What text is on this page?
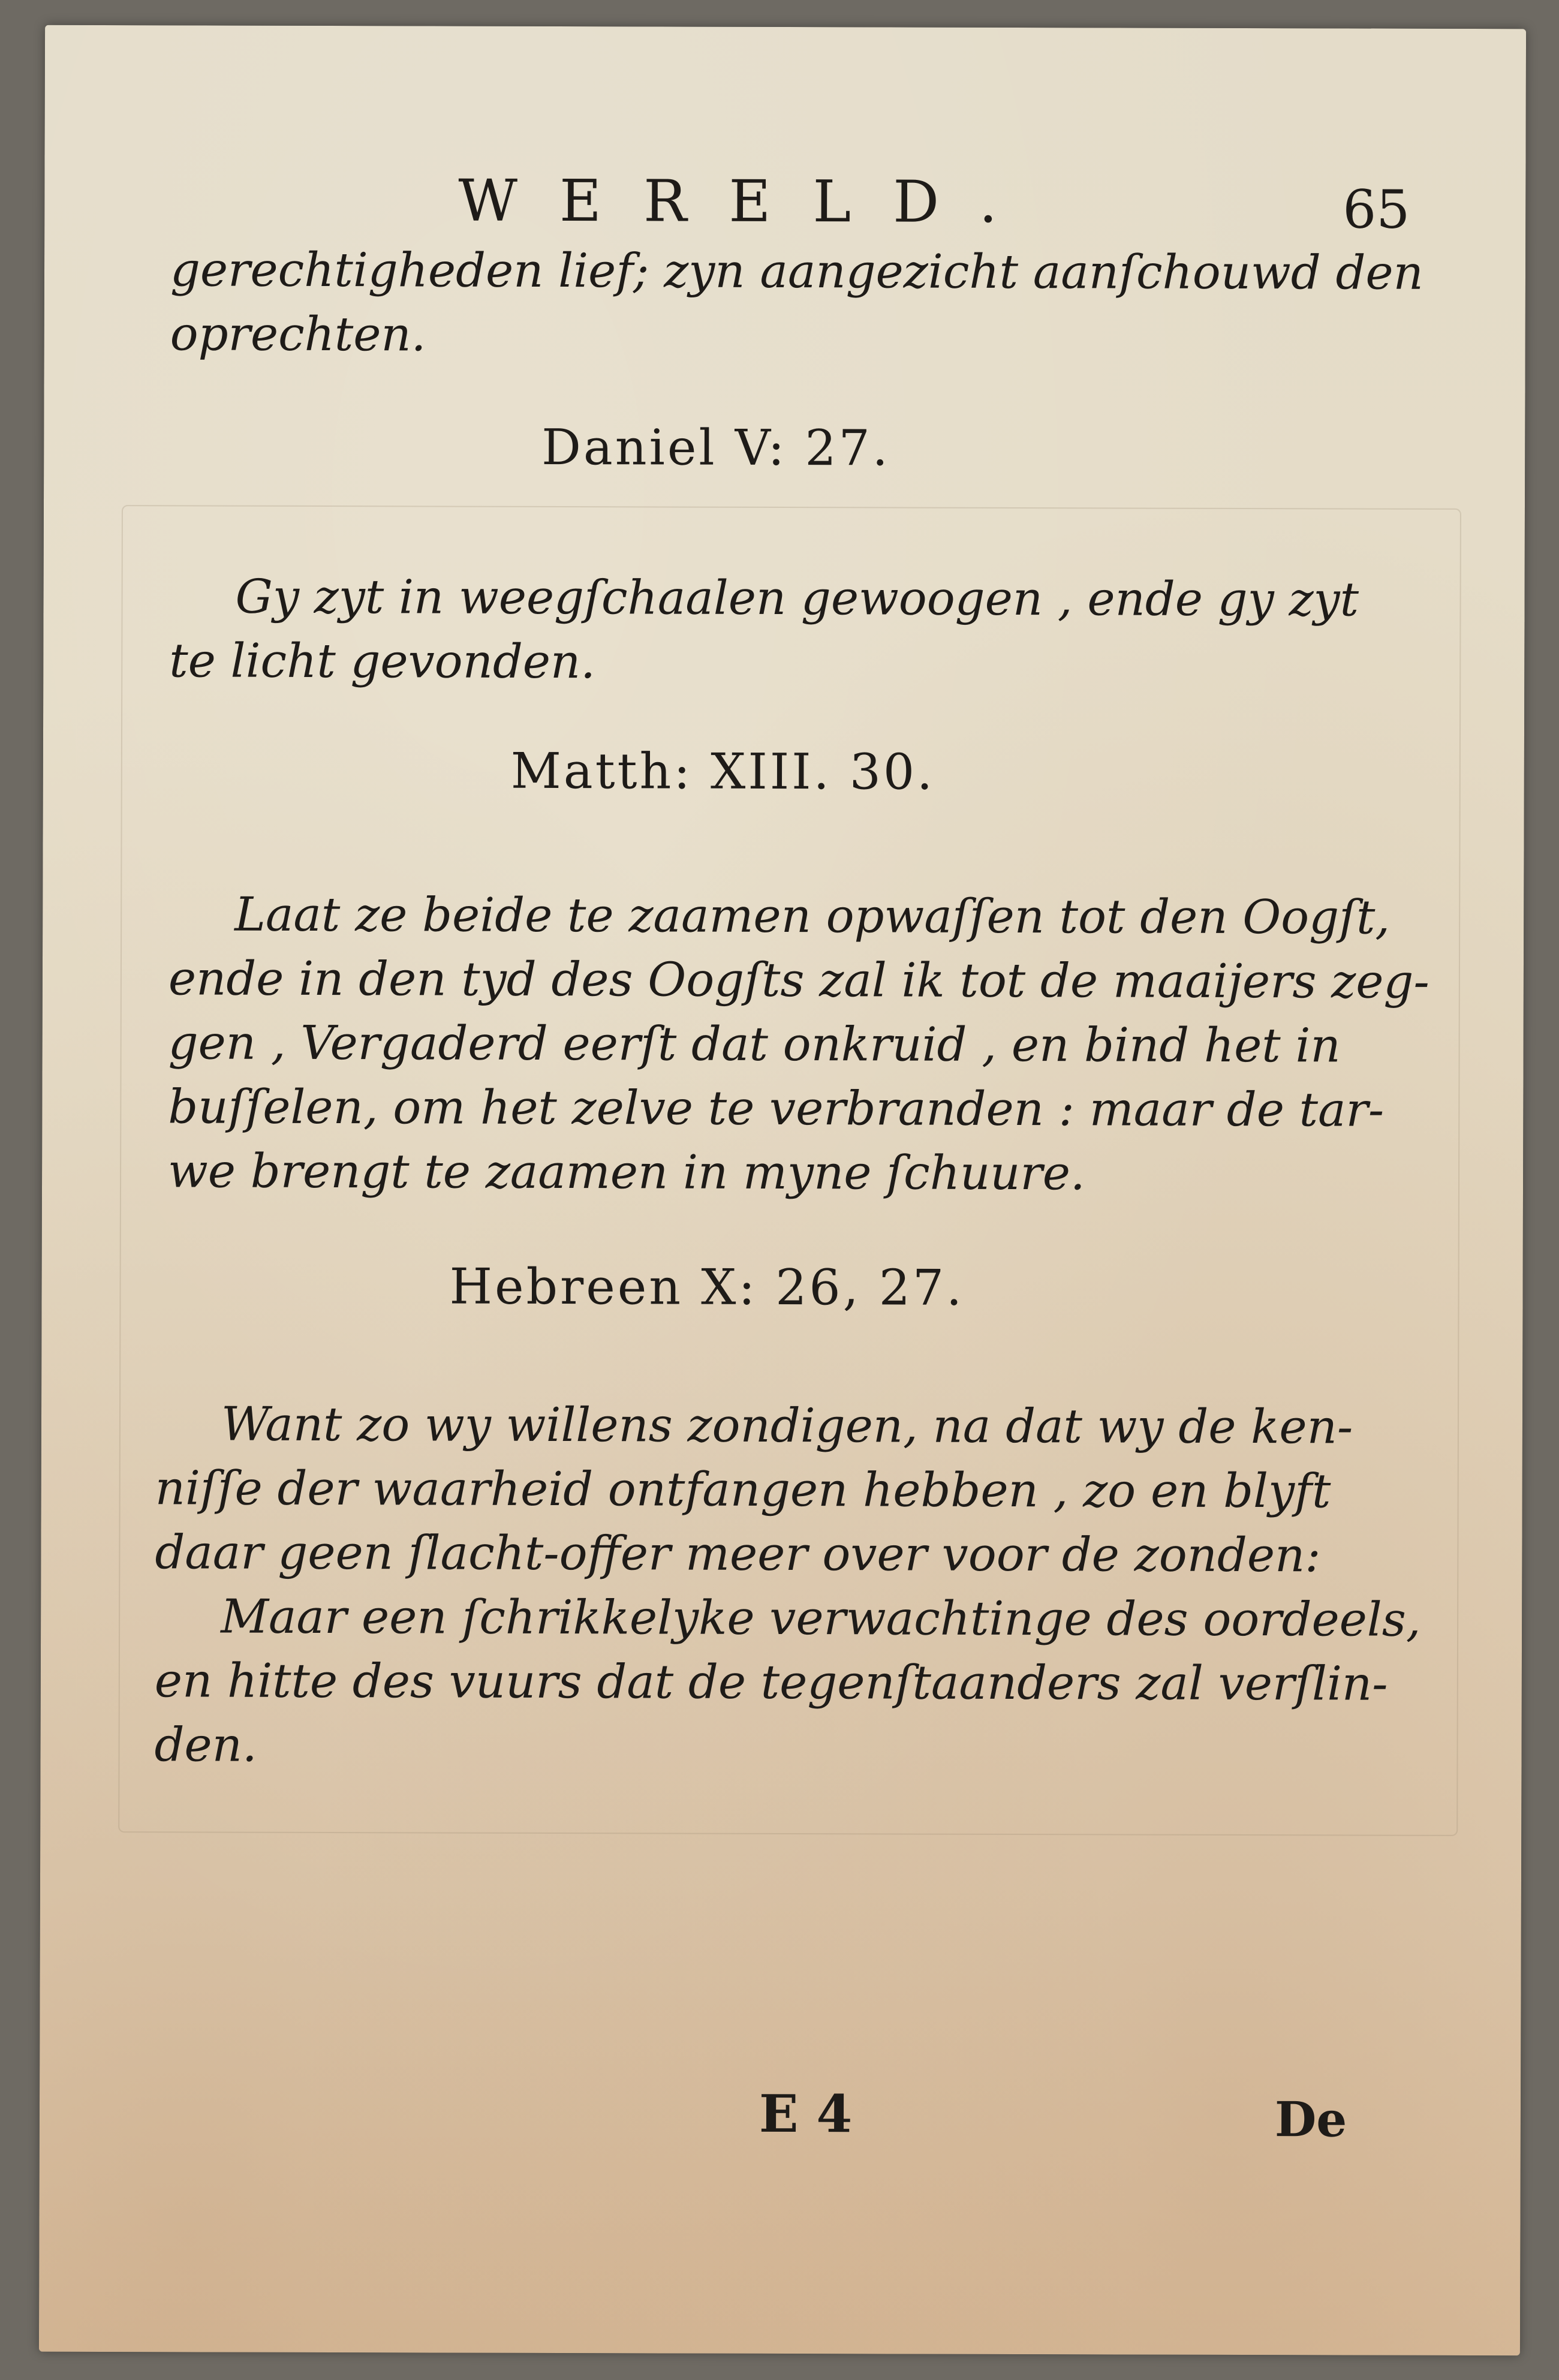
WERELD.	65
gerechtigheden lief; zyn aangezicht aanſchouwd den
oprechten.
Daniel V: 27.
Gy zyt in weegſchaalen gewoogen , ende gy zyt
te licht gevonden.
Matth: XIII. 30.
Laat ze beide te zaamen opwaſſen tot den Oogſt,
ende in den tyd des Oogſts zal ik tot de maaijers zeg-
gen , Vergaderd eerſt dat onkruid , en bind het in
buſſelen, om het zelve te verbranden : maar de tar-
we brengt te zaamen in myne ſchuure.
Hebreen X: 26, 27.
Want zo wy willens zondigen, na dat wy de ken-
niſſe der waarheid ontfangen hebben , zo en blyft
daar geen ſlacht-offer meer over voor de zonden:
Maar een ſchrikkelyke verwachtinge des oordeels,
en hitte des vuurs dat de tegenſtaanders zal verſlin-
den.
E 4	De
